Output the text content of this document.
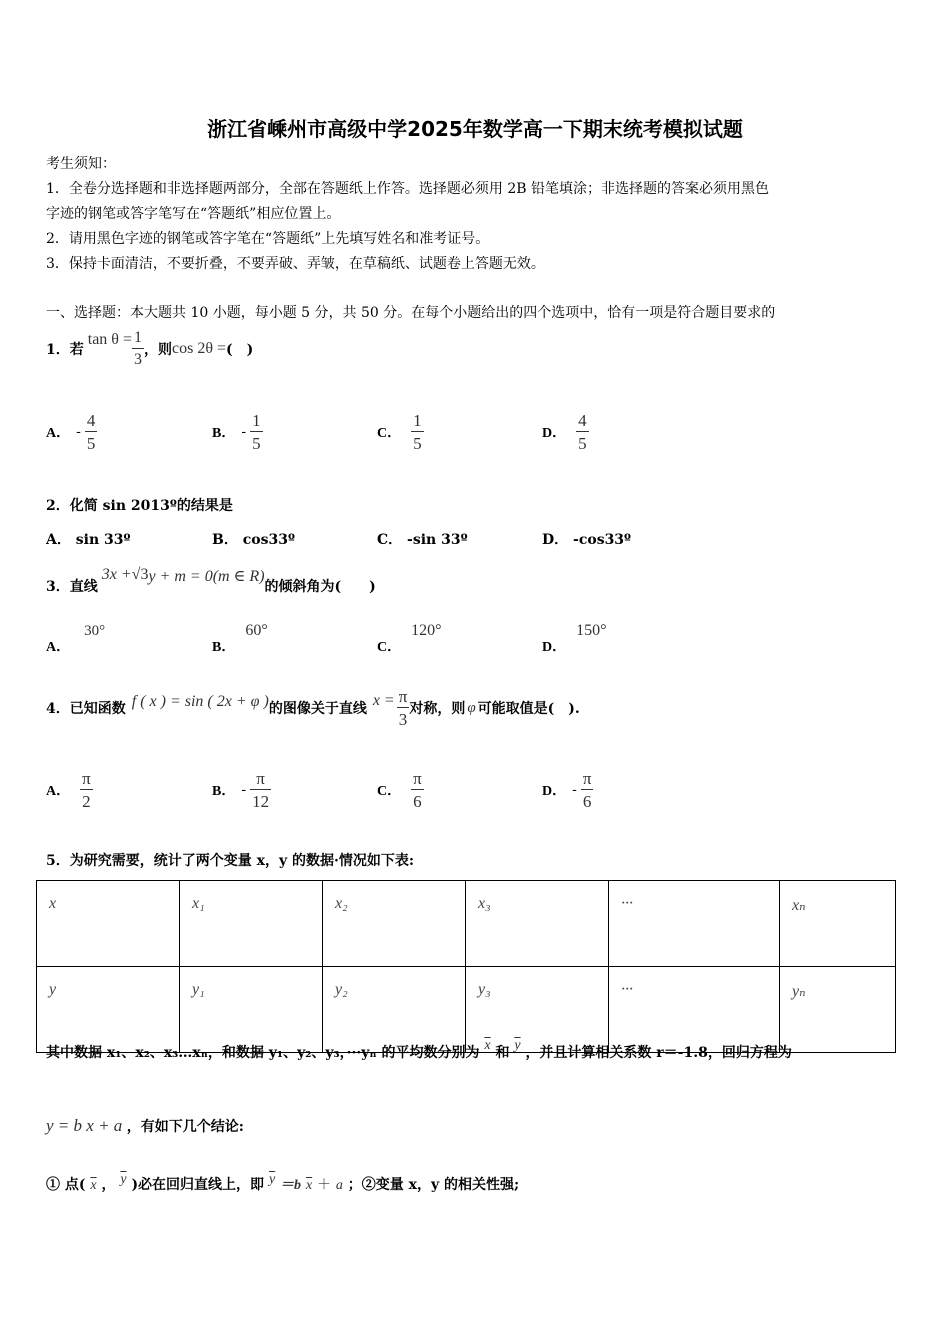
浙江省嵊州市高级中学2025年数学高一下期末统考模拟试题
考生须知：
1．全卷分选择题和非选择题两部分，全部在答题纸上作答。选择题必须用 2B 铅笔填涂；非选择题的答案必须用黑色
字迹的钢笔或答字笔写在“答题纸”相应位置上。
2．请用黑色字迹的钢笔或答字笔在“答题纸”上先填写姓名和准考证号。
3．保持卡面清洁，不要折叠，不要弄破、弄皱，在草稿纸、试题卷上答题无效。
一、选择题：本大题共 10 小题，每小题 5 分，共 50 分。在每个小题给出的四个选项中，恰有一项是符合题目要求的
1．若
$\tan \theta = \frac{1}{3}$ ，则 cos 2θ = (　)
A． - $\frac{4}{5}$	B． - $\frac{1}{5}$	C． $\frac{1}{5}$	D． $\frac{4}{5}$
2．化简 sin 2013º的结果是
A． sin 33º	B． cos33º	C． -sin 33º	D． -cos33º
3．直线
3x + √3 y + m = 0(m ∈ R)
的倾斜角为(　　)
A．30°
B．60°
C．120°
D．150°
4．已知函数 f ( x ) = sin ( 2x + φ ) 的图像关于直线 $x = \frac{\pi}{3}$ 对称，则 φ 可能取值是(　).
A． $\frac{\pi}{2}$	B． - $\frac{\pi}{12}$	C． $\frac{\pi}{6}$	D． - $\frac{\pi}{6}$
5．为研究需要，统计了两个变量 x，y 的数据·情况如下表:
x	x₁	x₂	x₃	···	xₙ
y	y₁	y₂	y₃	···	yₙ
其中数据 x₁、x₂、x₃…xₙ，和数据 y₁、y₂、y₃，···yₙ 的平均数分别为 $\overline{x}$ 和 $\overline{y}$ ，并且计算相关系数 r＝-1.8，回归方程为
y = b x + a ，有如下几个结论:
① 点( $\overline{x}$ ， $\overline{y}$ )必在回归直线上，即 $\overline{y} =b$ $\overline{x} + a$ ；②变量 x，y 的相关性强;
